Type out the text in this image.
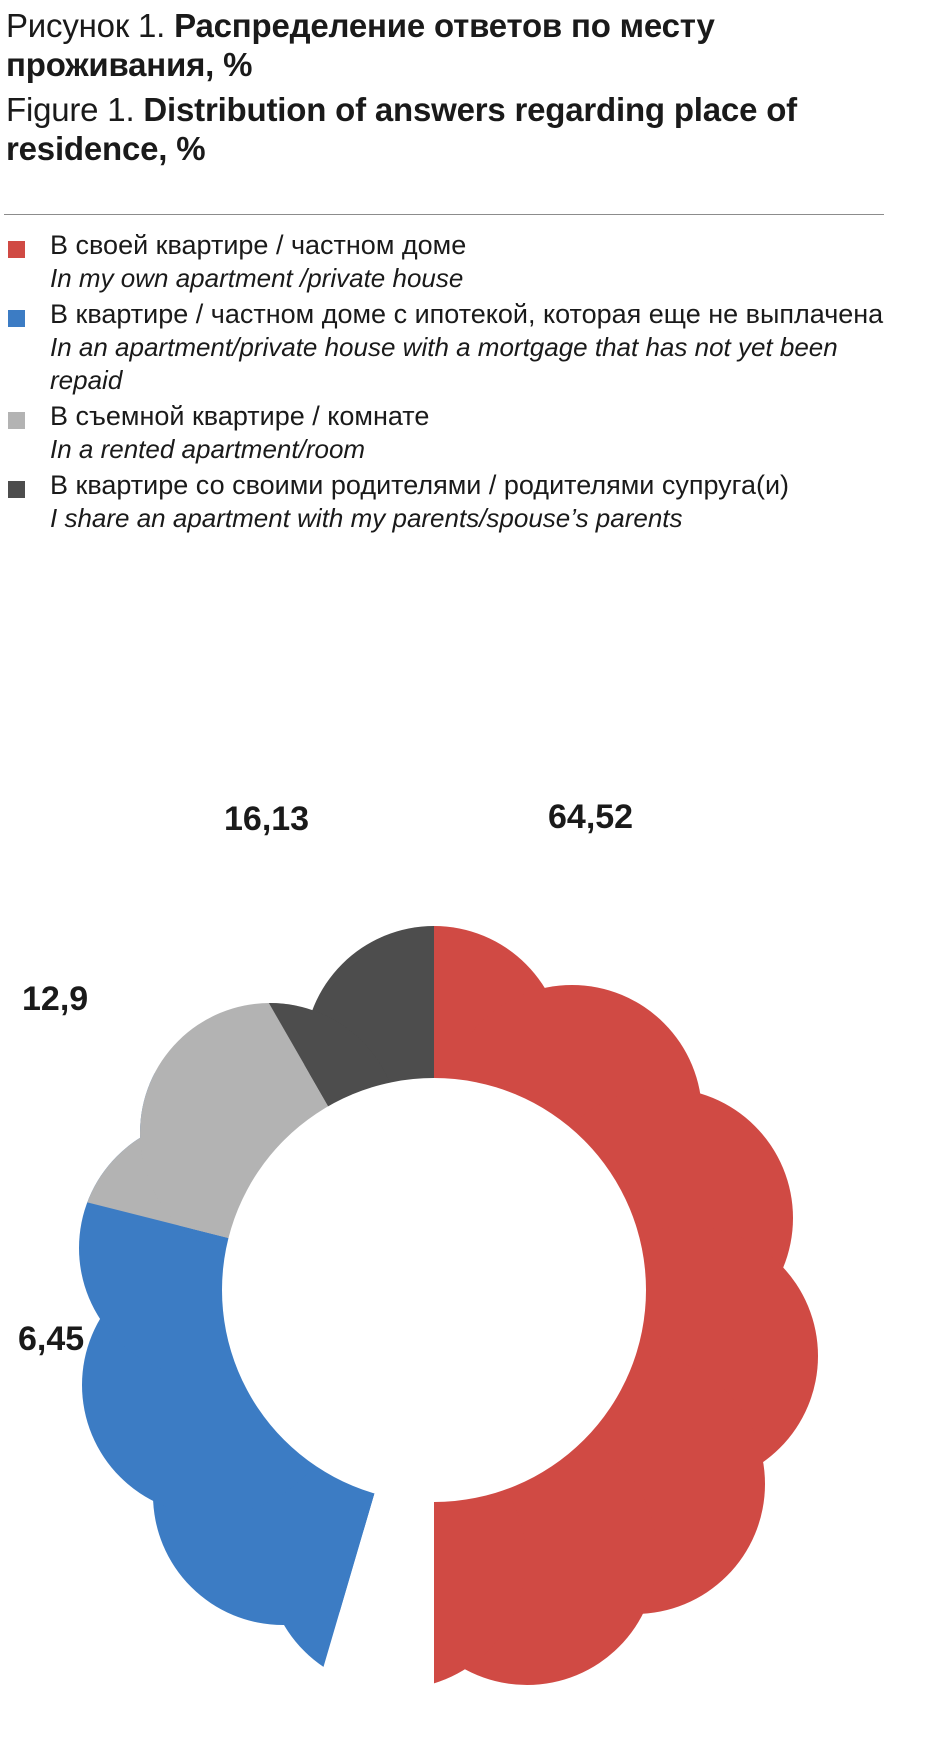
Рисунок 1. Распределение ответов по месту проживания, %
Figure 1. Distribution of answers regarding place of residence, %
В своей квартире / частном доме
In my own apartment /private house
В квартире / частном доме с ипотекой, которая еще не выплачена
In an apartment/private house with a mortgage that has not yet been repaid
В съемной квартире / комнате
In a rented apartment/room
В квартире со своими родителями / родителями супруга(и)
I share an apartment with my parents/spouse’s parents
64,52
16,13
12,9
6,45
